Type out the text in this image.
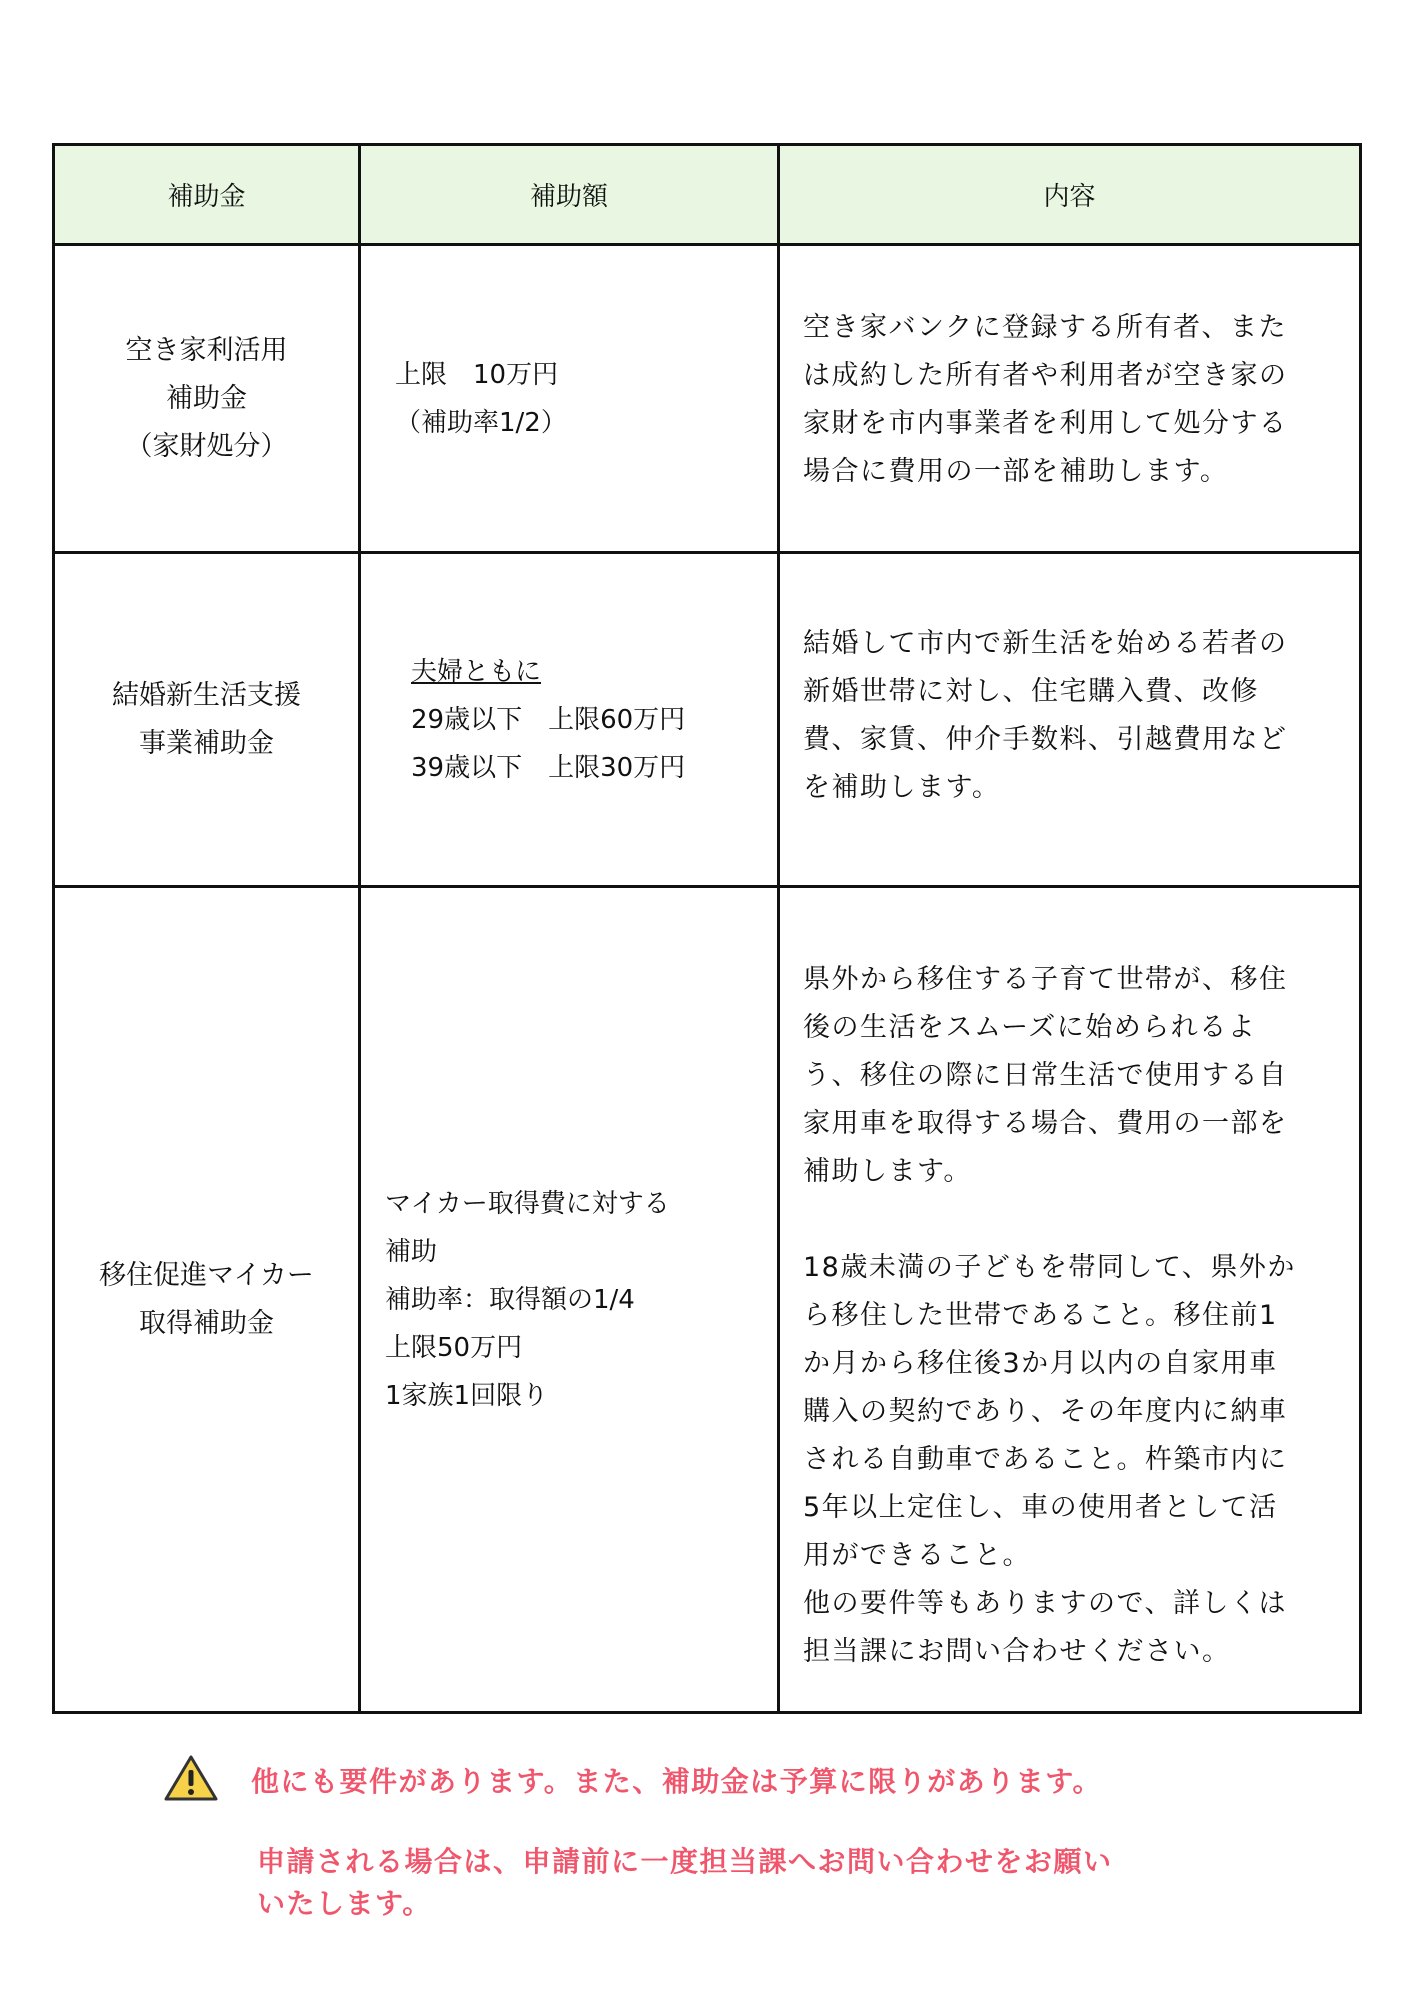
補助金	補助額	内容
空き家利活用
補助金
（家財処分）
上限　10万円
（補助率1/2）
空き家バンクに登録する所有者、また
は成約した所有者や利用者が空き家の
家財を市内事業者を利用して処分する
場合に費用の一部を補助します。
結婚新生活支援
事業補助金
夫婦ともに
29歳以下　上限60万円
39歳以下　上限30万円
結婚して市内で新生活を始める若者の
新婚世帯に対し、住宅購入費、改修
費、家賃、仲介手数料、引越費用など
を補助します。
移住促進マイカー
取得補助金
マイカー取得費に対する
補助
補助率：取得額の1/4
上限50万円
1家族1回限り
県外から移住する子育て世帯が、移住
後の生活をスムーズに始められるよ
う、移住の際に日常生活で使用する自
家用車を取得する場合、費用の一部を
補助します。
18歳未満の子どもを帯同して、県外か
ら移住した世帯であること。移住前1
か月から移住後3か月以内の自家用車
購入の契約であり、その年度内に納車
される自動車であること。杵築市内に
5年以上定住し、車の使用者として活
用ができること。
他の要件等もありますので、詳しくは
担当課にお問い合わせください。
他にも要件があります。また、補助金は予算に限りがあります。
申請される場合は、申請前に一度担当課へお問い合わせをお願い
いたします。
